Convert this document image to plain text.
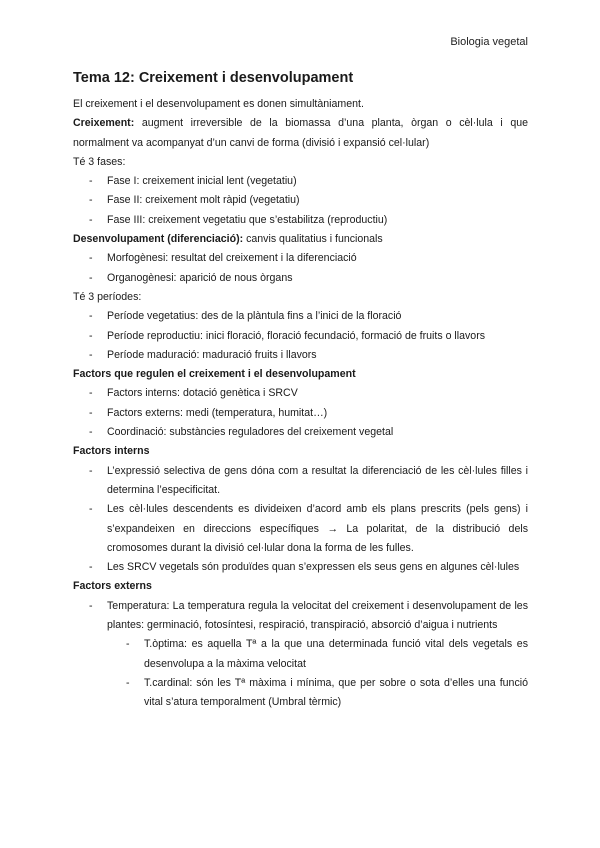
Biologia vegetal
Tema 12: Creixement i desenvolupament

El creixement i el desenvolupament es donen simultàniament.

Creixement: augment irreversible de la biomassa d’una planta, òrgan o cèl·lula i que normalment va acompanyat d’un canvi de forma (divisió i expansió cel·lular)

Té 3 fases:

- Fase I: creixement inicial lent (vegetatiu)
- Fase II: creixement molt ràpid (vegetatiu)
- Fase III: creixement vegetatiu que s’estabilitza (reproductiu)

Desenvolupament (diferenciació): canvis qualitatius i funcionals

- Morfogènesi: resultat del creixement i la diferenciació
- Organogènesi: aparició de nous òrgans

Té 3 períodes:

- Període vegetatius: des de la plàntula fins a l’inici de la floració
- Període reproductiu: inici floració, floració fecundació, formació de fruits o llavors
- Període maduració: maduració fruits i llavors

Factors que regulen el creixement i el desenvolupament

- Factors interns: dotació genètica i SRCV
- Factors externs: medi (temperatura, humitat…)
- Coordinació: substàncies reguladores del creixement vegetal

Factors interns

- L’expressió selectiva de gens dóna com a resultat la diferenciació de les cèl·lules filles i determina l’especificitat.
- Les cèl·lules descendents es divideixen d’acord amb els plans prescrits (pels gens) i s’expandeixen en direccions específiques → La polaritat, de la distribució dels cromosomes durant la divisió cel·lular dona la forma de les fulles.
- Les SRCV vegetals són produïdes quan s’expressen els seus gens en algunes cèl·lules

Factors externs

- Temperatura: La temperatura regula la velocitat del creixement i desenvolupament de les plantes: germinació, fotosíntesi, respiració, transpiració, absorció d’aigua i nutrients
- T.òptima: es aquella Tª a la que una determinada funció vital dels vegetals es desenvolupa a la màxima velocitat
- T.cardinal: són les Tª màxima i mínima, que per sobre o sota d’elles una funció vital s’atura temporalment (Umbral tèrmic)
